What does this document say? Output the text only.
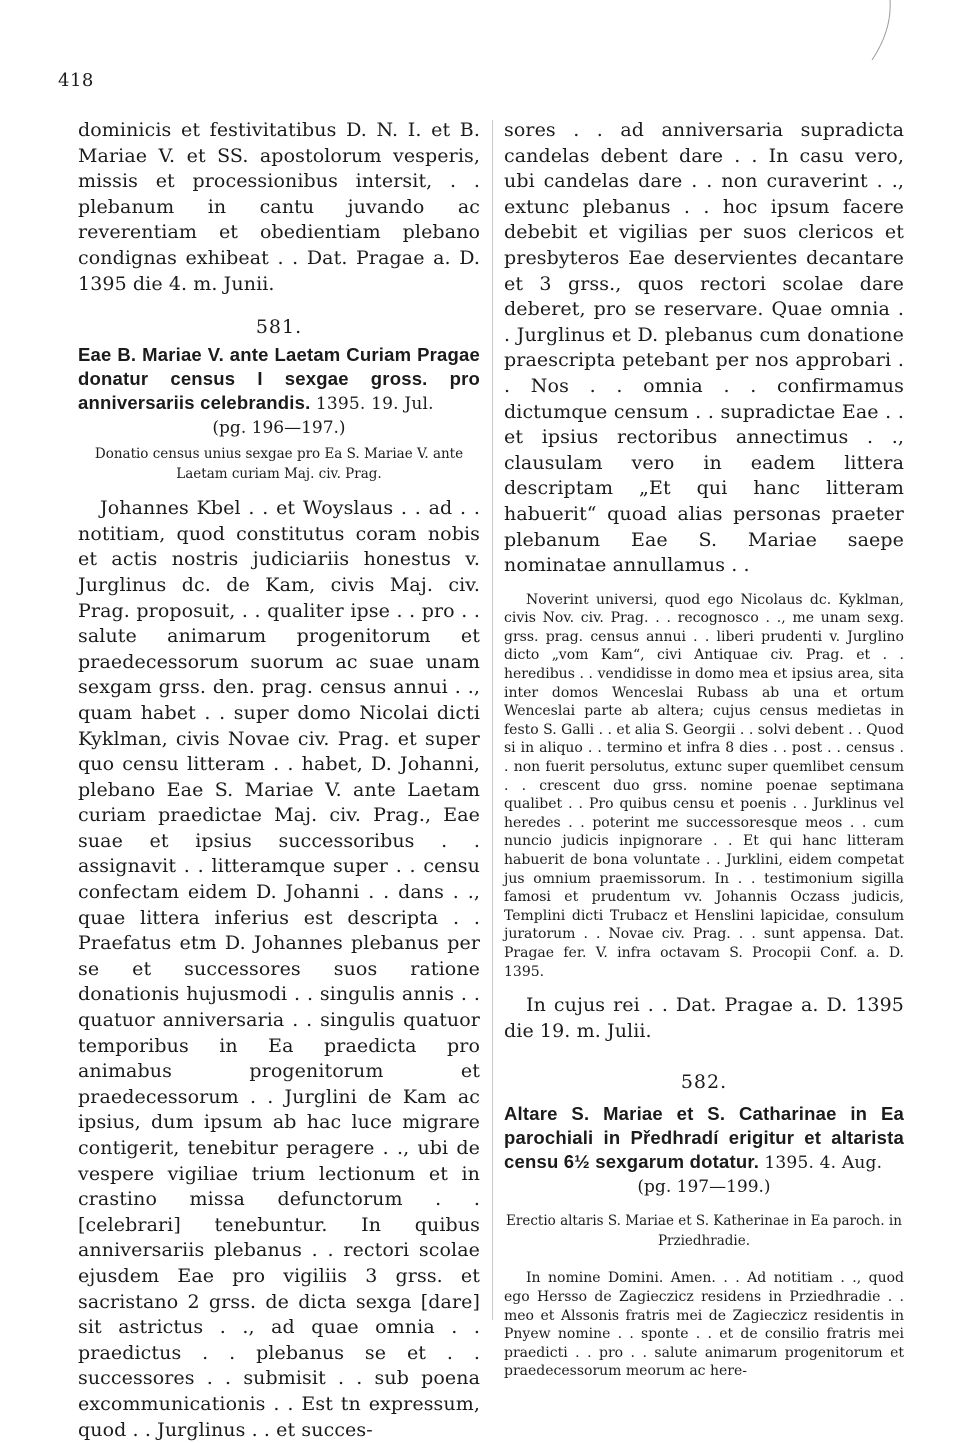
418

dominicis et festivitatibus D. N. I. et B. Mariae V. et SS. apostolorum vesperis, missis et processionibus intersit, . . plebanum in cantu juvando ac reverentiam et obedientiam plebano condignas exhibeat . . Dat. Pragae a. D. 1395 die 4. m. Junii.

581.

Eae B. Mariae V. ante Laetam Curiam Pragae donatur census I sexgae gross. pro anniversariis celebrandis. 1395. 19. Jul.

(pg. 196—197.)

Donatio census unius sexgae pro Ea S. Mariae V. ante Laetam curiam Maj. civ. Prag.

Johannes Kbel . . et Woyslaus . . ad . . notitiam, quod constitutus coram nobis et actis nostris judiciariis honestus v. Jurglinus dc. de Kam, civis Maj. civ. Prag. proposuit, . . qualiter ipse . . pro . . salute animarum progenitorum et praedecessorum suorum ac suae unam sexgam grss. den. prag. census annui . ., quam habet . . super domo Nicolai dicti Kyklman, civis Novae civ. Prag. et super quo censu litteram . . habet, D. Johanni, plebano Eae S. Mariae V. ante Laetam curiam praedictae Maj. civ. Prag., Eae suae et ipsius successoribus . . assignavit . . litteramque super . . censu confectam eidem D. Johanni . . dans . ., quae littera inferius est descripta . . Praefatus etm D. Johannes plebanus per se et successores suos ratione donationis hujusmodi . . singulis annis . . quatuor anniversaria . . singulis quatuor temporibus in Ea praedicta pro animabus progenitorum et praedecessorum . . Jurglini de Kam ac ipsius, dum ipsum ab hac luce migrare contigerit, tenebitur peragere . ., ubi de vespere vigiliae trium lectionum et in crastino missa defunctorum . . [celebrari] tenebuntur. In quibus anniversariis plebanus . . rectori scolae ejusdem Eae pro vigiliis 3 grss. et sacristano 2 grss. de dicta sexga [dare] sit astrictus . ., ad quae omnia . . praedictus . . plebanus se et . . successores . . submisit . . sub poena excommunicationis . . Est tn expressum, quod . . Jurglinus . . et succes-

sores . . ad anniversaria supradicta candelas debent dare . . In casu vero, ubi candelas dare . . non curaverint . ., extunc plebanus . . hoc ipsum facere debebit et vigilias per suos clericos et presbyteros Eae deservientes decantare et 3 grss., quos rectori scolae dare deberet, pro se reservare. Quae omnia . . Jurglinus et D. plebanus cum donatione praescripta petebant per nos approbari . . Nos . . omnia . . confirmamus dictumque censum . . supradictae Eae . . et ipsius rectoribus annectimus . ., clausulam vero in eadem littera descriptam „Et qui hanc litteram habuerit“ quoad alias personas praeter plebanum Eae S. Mariae saepe nominatae annullamus . .

Noverint universi, quod ego Nicolaus dc. Kyklman, civis Nov. civ. Prag. . . recognosco . ., me unam sexg. grss. prag. census annui . . liberi prudenti v. Jurglino dicto „vom Kam“, civi Antiquae civ. Prag. et . . heredibus . . vendidisse in domo mea et ipsius area, sita inter domos Wenceslai Rubass ab una et ortum Wenceslai parte ab altera; cujus census medietas in festo S. Galli . . et alia S. Georgii . . solvi debent . . Quod si in aliquo . . termino et infra 8 dies . . post . . census . . non fuerit persolutus, extunc super quemlibet censum . . crescent duo grss. nomine poenae septimana qualibet . . Pro quibus censu et poenis . . Jurklinus vel heredes . . poterint me successoresque meos . . cum nuncio judicis inpignorare . . Et qui hanc litteram habuerit de bona voluntate . . Jurklini, eidem competat jus omnium praemissorum. In . . testimonium sigilla famosi et prudentum vv. Johannis Oczass judicis, Templini dicti Trubacz et Henslini lapicidae, consulum juratorum . . Novae civ. Prag. . . sunt appensa. Dat. Pragae fer. V. infra octavam S. Procopii Conf. a. D. 1395.

In cujus rei . . Dat. Pragae a. D. 1395 die 19. m. Julii.

582.

Altare S. Mariae et S. Catharinae in Ea parochiali in Předhradí erigitur et altarista censu 6½ sexgarum dotatur. 1395. 4. Aug.

(pg. 197—199.)

Erectio altaris S. Mariae et S. Katherinae in Ea paroch. in Prziedhradie.

In nomine Domini. Amen. . . Ad notitiam . ., quod ego Hersso de Zagieczicz residens in Prziedhradie . . meo et Alssonis fratris mei de Zagieczicz residentis in Pnyew nomine . . sponte . . et de consilio fratris mei praedicti . . pro . . salute animarum progenitorum et praedecessorum meorum ac here-
